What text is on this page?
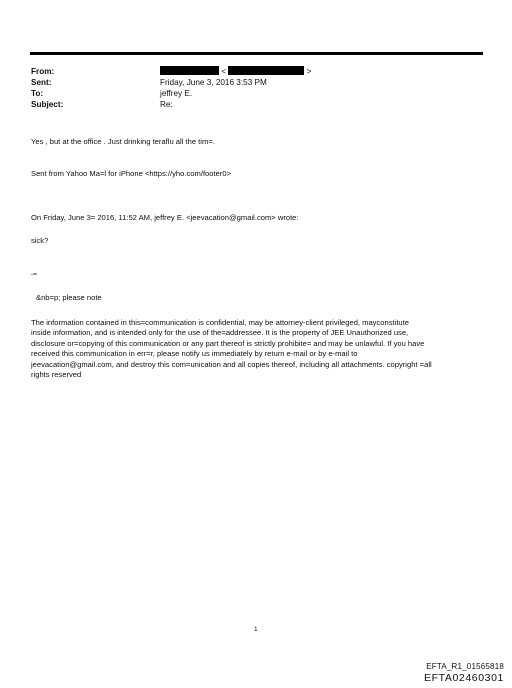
From:	<	>
Sent:	Friday, June 3, 2016 3:53 PM
To:	jeffrey E.
Subject:	Re:
Yes , but at the office . Just drinking teraflu all the tim=.
Sent from Yahoo Ma=l for iPhone <https://yho.com/footer0>
On Friday, June 3= 2016, 11:52 AM, jeffrey E. <jeevacation@gmail.com> wrote:
sick?
-=
&nb=p; please note
The information contained in this=communication is confidential, may be attorney-client privileged, mayconstitute
inside information, and is intended only for the use of the=addressee. It is the property of JEE Unauthorized use,
disclosure or=copying of this communication or any part thereof is strictly prohibite= and may be unlawful. If you have
received this communication in err=r, please notify us immediately by return e-mail or by e-mail to
jeevacation@gmail.com, and destroy this com=unication and all copies thereof, including all attachments. copyright =all
rights reserved
1
EFTA_R1_01565818
EFTA02460301
